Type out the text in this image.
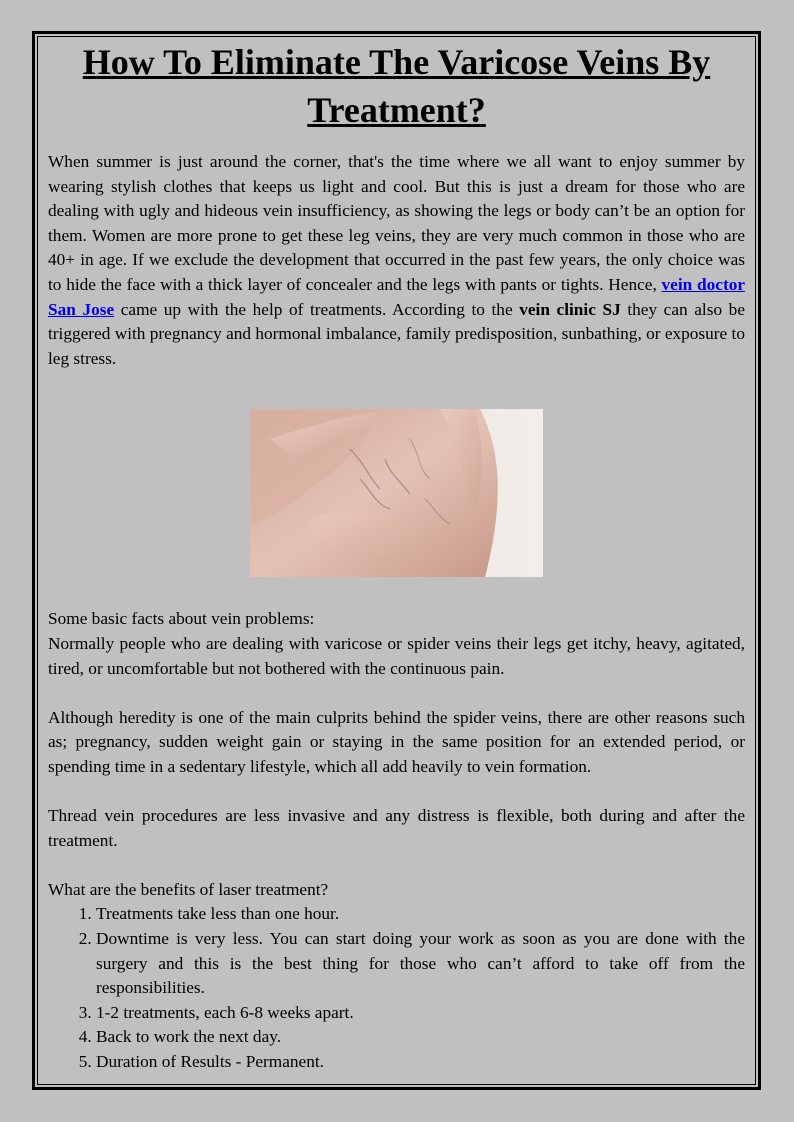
How To Eliminate The Varicose Veins By Treatment?

When summer is just around the corner, that's the time where we all want to enjoy summer by wearing stylish clothes that keeps us light and cool. But this is just a dream for those who are dealing with ugly and hideous vein insufficiency, as showing the legs or body can’t be an option for them. Women are more prone to get these leg veins, they are very much common in those who are 40+ in age. If we exclude the development that occurred in the past few years, the only choice was to hide the face with a thick layer of concealer and the legs with pants or tights. Hence, vein doctor San Jose came up with the help of treatments. According to the vein clinic SJ they can also be triggered with pregnancy and hormonal imbalance, family predisposition, sunbathing, or exposure to leg stress.

Some basic facts about vein problems:

Normally people who are dealing with varicose or spider veins their legs get itchy, heavy, agitated, tired, or uncomfortable but not bothered with the continuous pain.

Although heredity is one of the main culprits behind the spider veins, there are other reasons such as; pregnancy, sudden weight gain or staying in the same position for an extended period, or spending time in a sedentary lifestyle, which all add heavily to vein formation.

Thread vein procedures are less invasive and any distress is flexible, both during and after the treatment.

What are the benefits of laser treatment?

1. Treatments take less than one hour.
2. Downtime is very less. You can start doing your work as soon as you are done with the surgery and this is the best thing for those who can’t afford to take off from the responsibilities.
3. 1-2 treatments, each 6-8 weeks apart.
4. Back to work the next day.
5. Duration of Results - Permanent.
